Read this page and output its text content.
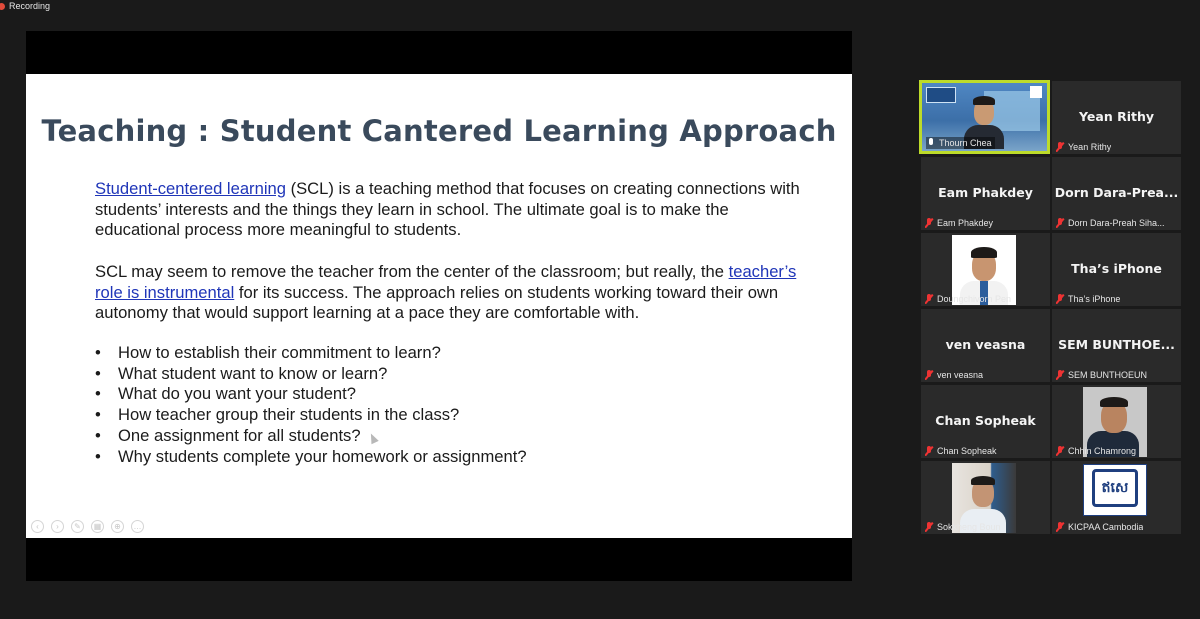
Recording
Teaching : Student Cantered Learning Approach
Student-centered learning (SCL) is a teaching method that focuses on creating connections with students’ interests and the things they learn in school. The ultimate goal is to make the educational process more meaningful to students.
SCL may seem to remove the teacher from the center of the classroom; but really, the teacher’s role is instrumental for its success. The approach relies on students working toward their own autonomy that would support learning at a pace they are comfortable with.
•	How to establish their commitment to learn?
•	What student want to know or learn?
•	What do you want your student?
•	How teacher group their students in the class?
•	One assignment for all students?
•	Why students complete your homework or assignment?
‹	›	✎	▦	⊕	…
Thourn Chea
Yean Rithy
Yean Rithy
Eam Phakdey
Eam Phakdey
Dorn Dara-Prea...
Dorn Dara-Preah Siha...
Doungchivorn Pen
Tha’s iPhone
Tha’s iPhone
ven veasna
ven veasna
SEM BUNTHOE...
SEM BUNTHOEUN
Chan Sopheak
Chan Sopheak	Chhin Chamrong
Sokkheng Boun
ឥសេ
KICPAA Cambodia
